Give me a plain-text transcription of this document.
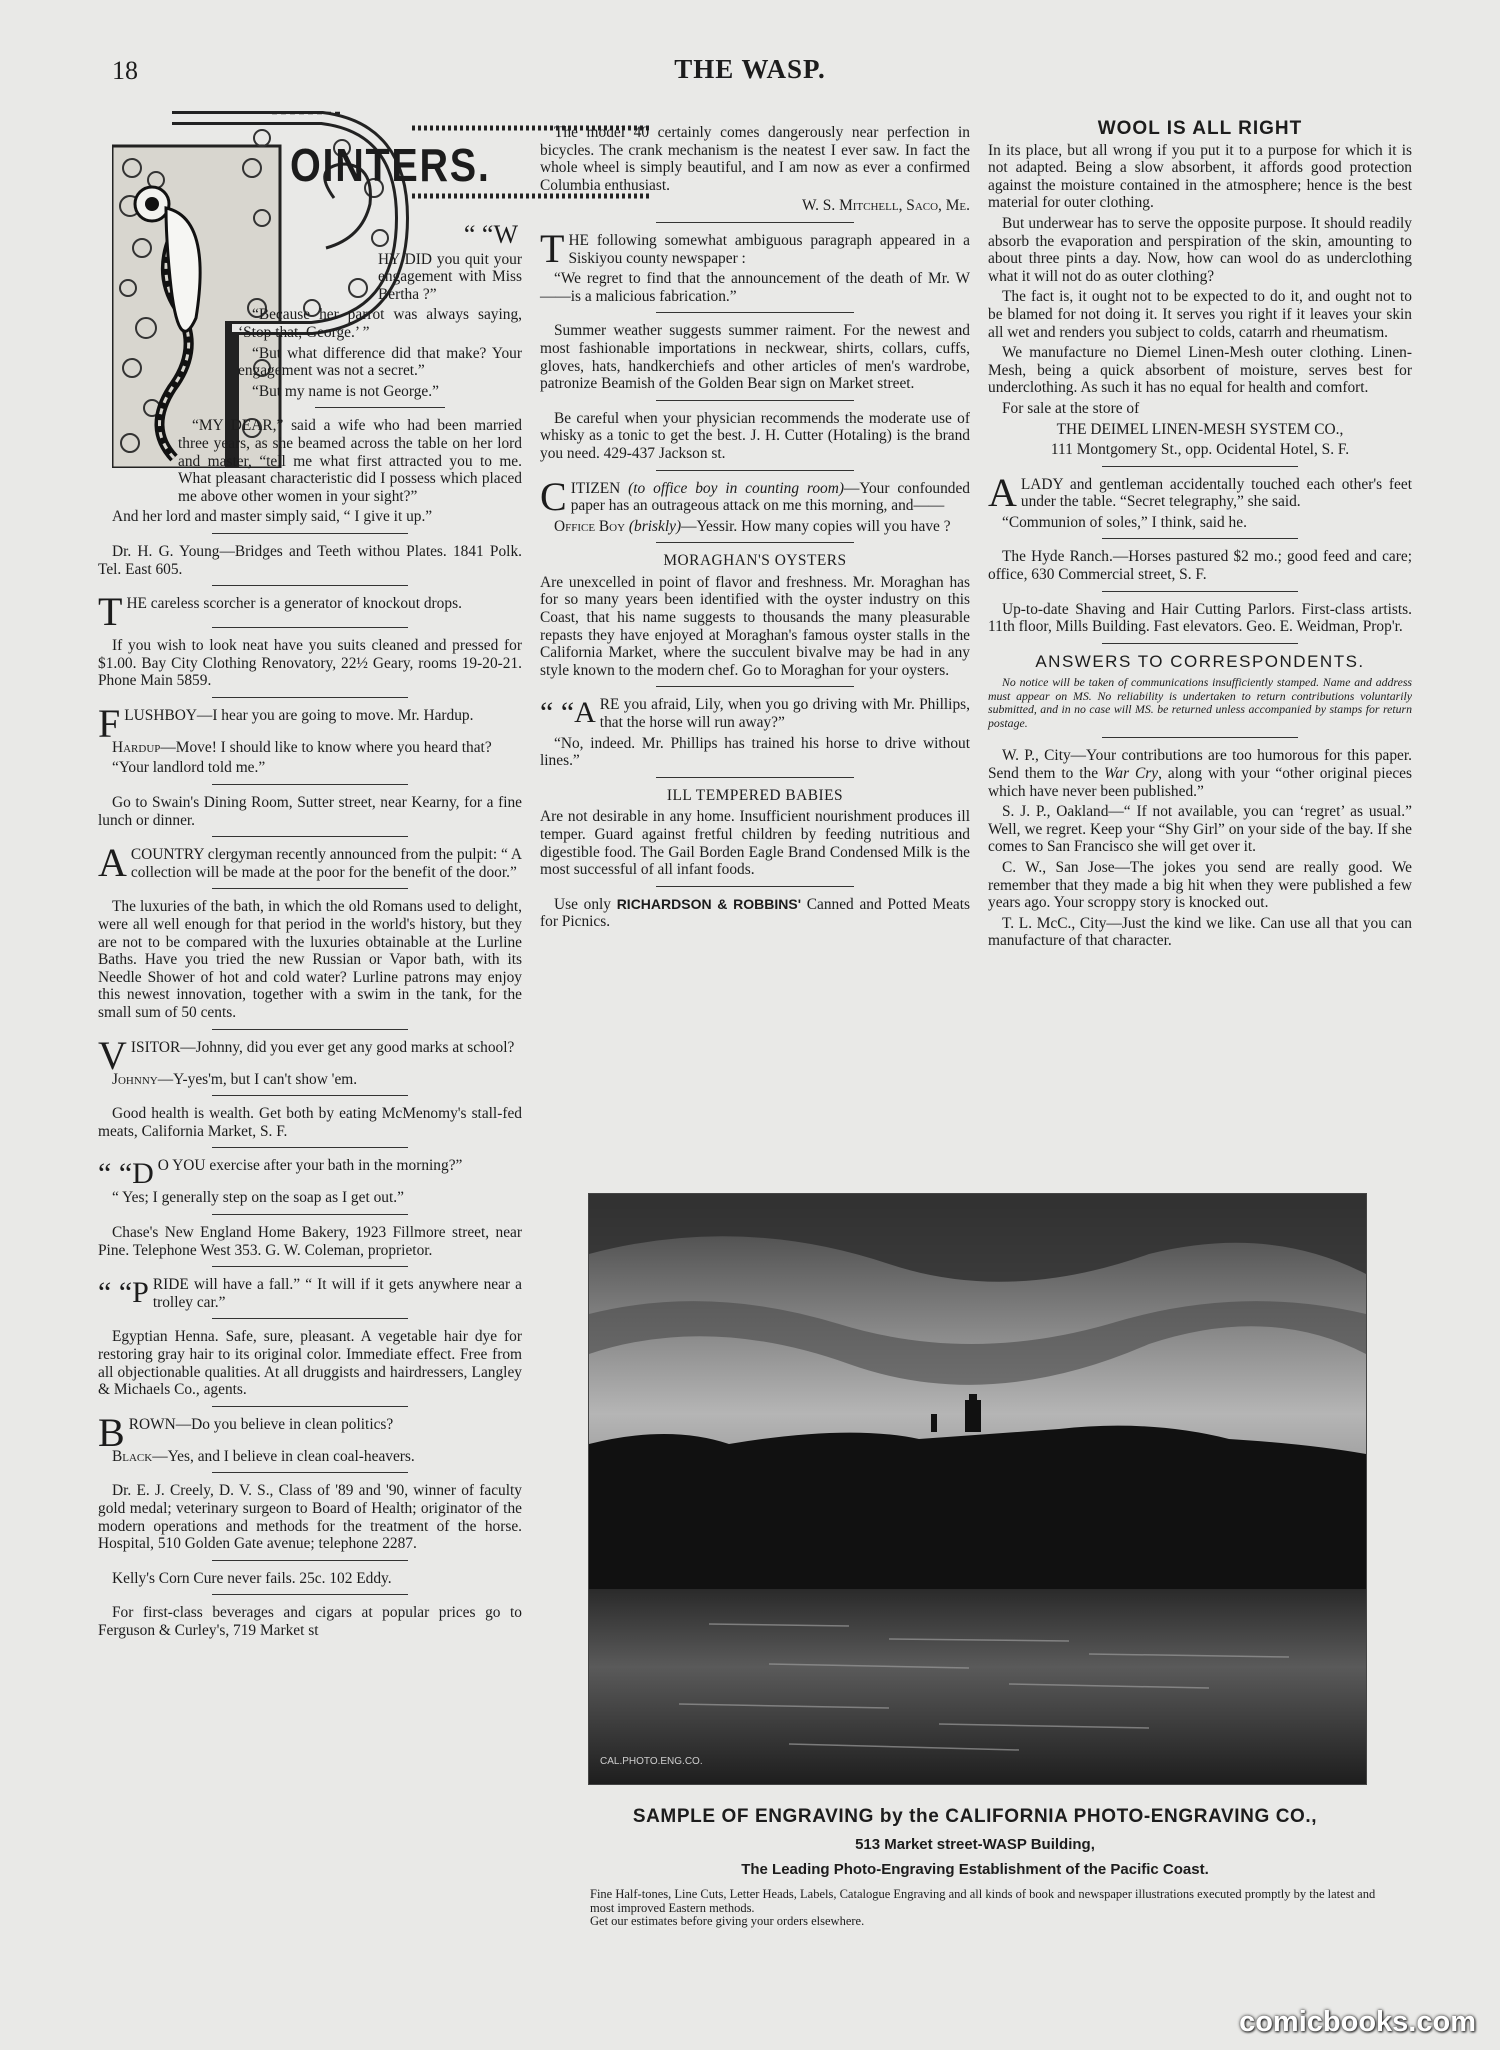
18	THE WASP.
OINTERS.

“ “W

HY DID you quit your engagement with Miss Bertha ?”

“Because her parrot was always saying, ‘Stop that, George.’ ”

“But what difference did that make? Your engagement was not a secret.”

“But my name is not George.”

“MY DEAR,” said a wife who had been married three years, as she beamed across the table on her lord and master, “tell me what first attracted you to me. What pleasant characteristic did I possess which placed me above other women in your sight?”

And her lord and master simply said, “ I give it up.”

Dr. H. G. Young—Bridges and Teeth withou Plates. 1841 Polk. Tel. East 605.

THE careless scorcher is a generator of knockout drops.

If you wish to look neat have you suits cleaned and pressed for $1.00. Bay City Clothing Renovatory, 22½ Geary, rooms 19-20-21. Phone Main 5859.

FLUSHBOY—I hear you are going to move. Mr. Hardup.

Hardup—Move! I should like to know where you heard that?

“Your landlord told me.”

Go to Swain's Dining Room, Sutter street, near Kearny, for a fine lunch or dinner.

A COUNTRY clergyman recently announced from the pulpit: “ A collection will be made at the poor for the benefit of the door.”

The luxuries of the bath, in which the old Romans used to delight, were all well enough for that period in the world's history, but they are not to be compared with the luxuries obtainable at the Lurline Baths. Have you tried the new Russian or Vapor bath, with its Needle Shower of hot and cold water? Lurline patrons may enjoy this newest innovation, together with a swim in the tank, for the small sum of 50 cents.

VISITOR—Johnny, did you ever get any good marks at school?

Johnny—Y-yes'm, but I can't show 'em.

Good health is wealth. Get both by eating McMenomy's stall-fed meats, California Market, S. F.

“ “D O YOU exercise after your bath in the morning?”

“ Yes; I generally step on the soap as I get out.”

Chase's New England Home Bakery, 1923 Fillmore street, near Pine. Telephone West 353. G. W. Coleman, proprietor.

“ “P RIDE will have a fall.” “ It will if it gets anywhere near a trolley car.”

Egyptian Henna. Safe, sure, pleasant. A vegetable hair dye for restoring gray hair to its original color. Immediate effect. Free from all objectionable qualities. At all druggists and hairdressers, Langley & Michaels Co., agents.

BROWN—Do you believe in clean politics?

Black—Yes, and I believe in clean coal-heavers.

Dr. E. J. Creely, D. V. S., Class of '89 and '90, winner of faculty gold medal; veterinary surgeon to Board of Health; originator of the modern operations and methods for the treatment of the horse. Hospital, 510 Golden Gate avenue; telephone 2287.

Kelly's Corn Cure never fails. 25c. 102 Eddy.

For first-class beverages and cigars at popular prices go to Ferguson & Curley's, 719 Market st

The model 40 certainly comes dangerously near perfection in bicycles. The crank mechanism is the neatest I ever saw. In fact the whole wheel is simply beautiful, and I am now as ever a confirmed Columbia enthusiast.

W. S. Mitchell, Saco, Me.

THE following somewhat ambiguous paragraph appeared in a Siskiyou county newspaper :

“We regret to find that the announcement of the death of Mr. W——is a malicious fabrication.”

Summer weather suggests summer raiment. For the newest and most fashionable importations in neckwear, shirts, collars, cuffs, gloves, hats, handkerchiefs and other articles of men's wardrobe, patronize Beamish of the Golden Bear sign on Market street.

Be careful when your physician recommends the moderate use of whisky as a tonic to get the best. J. H. Cutter (Hotaling) is the brand you need. 429-437 Jackson st.

CITIZEN (to office boy in counting room)—Your confounded paper has an outrageous attack on me this morning, and——

Office Boy (briskly)—Yessir. How many copies will you have ?

MORAGHAN'S OYSTERS

Are unexcelled in point of flavor and freshness. Mr. Moraghan has for so many years been identified with the oyster industry on this Coast, that his name suggests to thousands the many pleasurable repasts they have enjoyed at Moraghan's famous oyster stalls in the California Market, where the succulent bivalve may be had in any style known to the modern chef. Go to Moraghan for your oysters.

“ “A RE you afraid, Lily, when you go driving with Mr. Phillips, that the horse will run away?”

“No, indeed. Mr. Phillips has trained his horse to drive without lines.”

ILL TEMPERED BABIES

Are not desirable in any home. Insufficient nourishment produces ill temper. Guard against fretful children by feeding nutritious and digestible food. The Gail Borden Eagle Brand Condensed Milk is the most successful of all infant foods.

Use only RICHARDSON & ROBBINS' Canned and Potted Meats for Picnics.

WOOL IS ALL RIGHT

In its place, but all wrong if you put it to a purpose for which it is not adapted. Being a slow absorbent, it affords good protection against the moisture contained in the atmosphere; hence is the best material for outer clothing.

But underwear has to serve the opposite purpose. It should readily absorb the evaporation and perspiration of the skin, amounting to about three pints a day. Now, how can wool do as underclothing what it will not do as outer clothing?

The fact is, it ought not to be expected to do it, and ought not to be blamed for not doing it. It serves you right if it leaves your skin all wet and renders you subject to colds, catarrh and rheumatism.

We manufacture no Diemel Linen-Mesh outer clothing. Linen-Mesh, being a quick absorbent of moisture, serves best for underclothing. As such it has no equal for health and comfort.

For sale at the store of

THE DEIMEL LINEN-MESH SYSTEM CO.,

111 Montgomery St., opp. Ocidental Hotel, S. F.

A LADY and gentleman accidentally touched each other's feet under the table. “Secret telegraphy,” she said.

“Communion of soles,” I think, said he.

The Hyde Ranch.—Horses pastured $2 mo.; good feed and care; office, 630 Commercial street, S. F.

Up-to-date Shaving and Hair Cutting Parlors. First-class artists. 11th floor, Mills Building. Fast elevators. Geo. E. Weidman, Prop'r.

ANSWERS TO CORRESPONDENTS.

No notice will be taken of communications insufficiently stamped. Name and address must appear on MS. No reliability is undertaken to return contributions voluntarily submitted, and in no case will MS. be returned unless accompanied by stamps for return postage.

W. P., City—Your contributions are too humorous for this paper. Send them to the War Cry, along with your “other original pieces which have never been published.”

S. J. P., Oakland—“ If not available, you can ‘regret’ as usual.” Well, we regret. Keep your “Shy Girl” on your side of the bay. If she comes to San Francisco she will get over it.

C. W., San Jose—The jokes you send are really good. We remember that they made a big hit when they were published a few years ago. Your scroppy story is knocked out.

T. L. McC., City—Just the kind we like. Can use all that you can manufacture of that character.

CAL.PHOTO.ENG.CO.
SAMPLE OF ENGRAVING by the CALIFORNIA PHOTO-ENGRAVING CO.,
513 Market street-WASP Building,
The Leading Photo-Engraving Establishment of the Pacific Coast.
Fine Half-tones, Line Cuts, Letter Heads, Labels, Catalogue Engraving and all kinds of book and newspaper illustrations executed promptly by the latest and most improved Eastern methods.
Get our estimates before giving your orders elsewhere.
comicbooks.com
